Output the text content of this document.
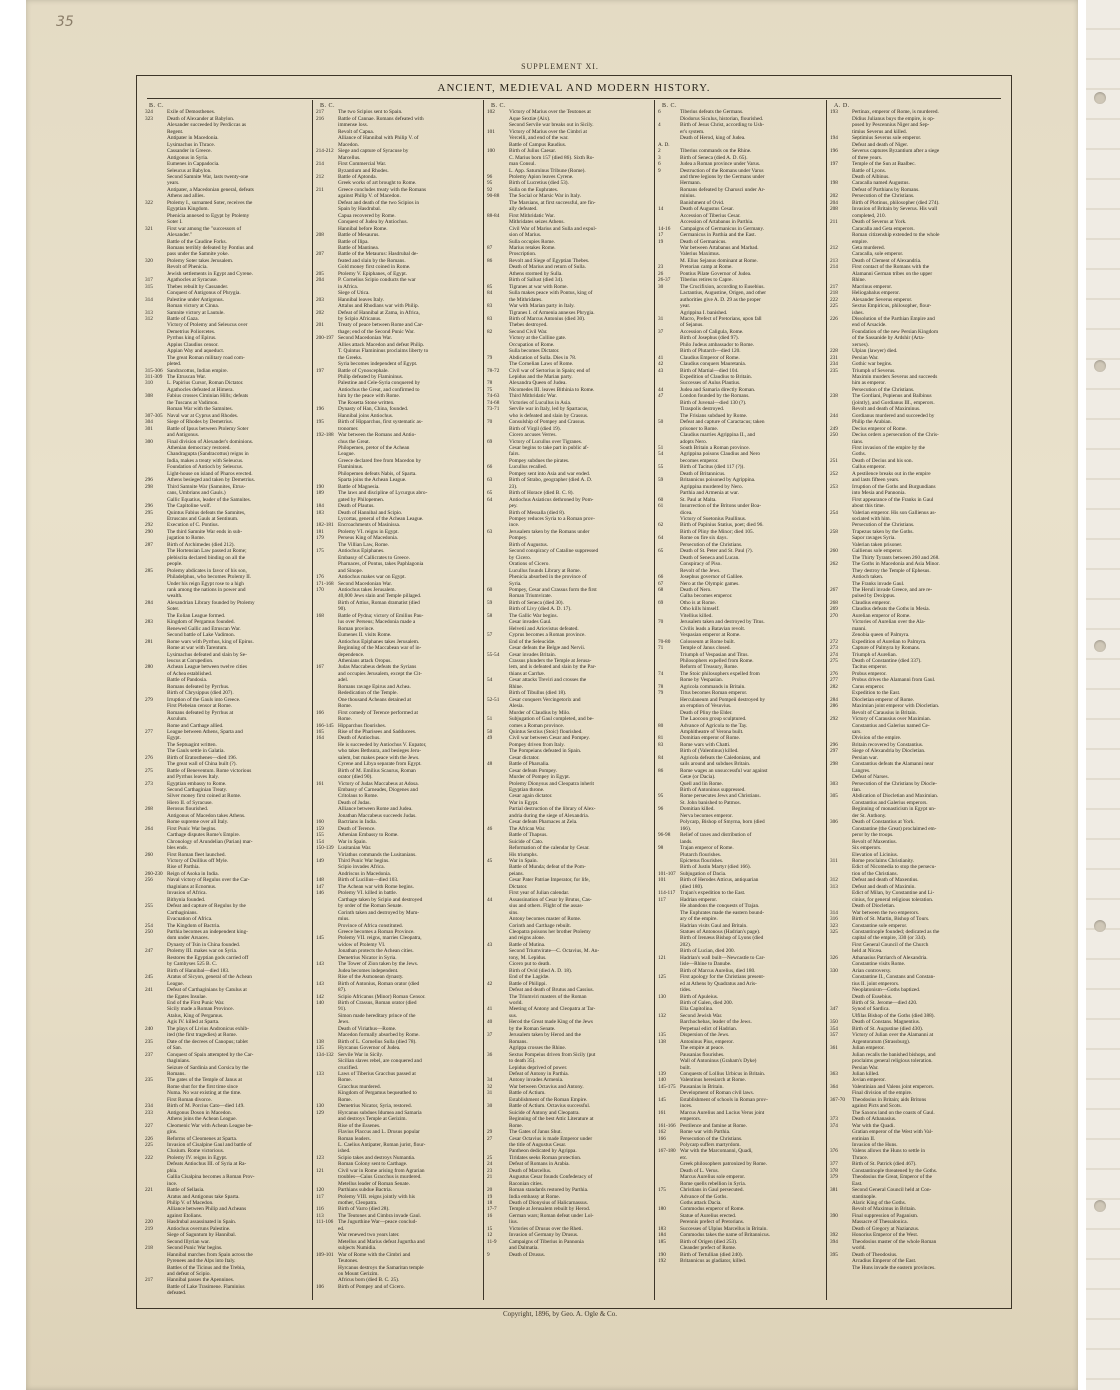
35
SUPPLEMENT XI.
ANCIENT, MEDIEVAL AND MODERN HISTORY.
B. C.
324	Exile of Demosthenes.
323	Death of Alexander at Babylon.
Alexander succeeded by Perdiccas as
Regent.
Antipater in Macedonia.
Lysimachus in Thrace.
Cassander in Greece.
Antigonus in Syria.
Eumenes in Cappadocia.
Seleucus at Babylon.
Second Samnite War, lasts twenty-one
years.
Antipater, a Macedonian general, defeats
Athens and allies.
322	Ptolemy I., surnamed Soter, receives the
Egyptian Kingdom.
Phenicia annexed to Egypt by Ptolemy
Soter I.
321	First war among the "successors of
Alexander."
Battle of the Caudine Forks.
Romans terribly defeated by Pontius and
pass under the Samnite yoke.
320	Ptolemy Soter takes Jerusalem.
Revolt of Phenicia.
Jewish settlements in Egypt and Cyrene.
317	Agathocles at Syracuse.
315	Thebes rebuilt by Cassander.
Conquest of Antigonus of Phrygia.
314	Palestine under Antigonus.
Roman victory at Cinna.
313	Samnite victory at Lautule.
312	Battle of Gaza.
Victory of Ptolemy and Seleucus over
Demetrius Poliorcetes.
Pyrrhus king of Epirus.
Appius Claudius censor.
Appian Way and aqueduct.
The great Roman military road com-
pleted.
315-306 Sandracottus, Indian empire.
311-309 The Etruscan War.
310	L. Papirius Cursor, Roman Dictator.
Agathocles defeated at Himera.
308	Fabius crosses Ciminian Hills; defeats
the Tuscans at Vadimon.
Roman War with the Samnites.
307-305 Naval war at Cyprus and Rhodes.
304	Siege of Rhodes by Demetrius.
301	Battle of Ipsus between Ptolemy Soter
and Antigonus.
300	Final division of Alexander's dominions.
Athenian democracy restored.
Chandragupta (Sandracottus) reigns in
India, makes a treaty with Seleucus.
Foundation of Antioch by Seleucus.
Light-house on island of Pharos erected.
296	Athens besieged and taken by Demetrius.
298	Third Samnite War (Samnites, Etrus-
cans, Umbrians and Gauls.)
Gallic Equatius, leader of the Samnites.
296	The Capitoline wolf.
295	Quintus Fabius defeats the Samnites,
Etruscans and Gauls at Sentinum.
292	Execution of C. Pontius.
290	The third Samnite War ends in sub-
jugation to Rome.
287	Birth of Archimedes (died 212).
The Hortensian Law passed at Rome;
plebiscita declared binding on all the
people.
285	Ptolemy abdicates in favor of his son,
Philadelphus, who becomes Ptolemy II.
Under his reign Egypt rose to a high
rank among the nations in power and
wealth.
284	Alexandrian Library founded by Ptolemy
Soter.
The Eolian League formed.
283	Kingdom of Pergamus founded.
Renewed Gallic and Etruscan War.
Second battle of Lake Vadimon.
281	Rome wars with Pyrrhus, king of Epirus.
Rome at war with Tarentum.
Lysimachus defeated and slain by Se-
leucus at Corupedion.
280	Achean League between twelve cities
of Achea established.
Battle of Pandosia.
Romans defeated by Pyrrhus.
Birth of Chrysippus (died 207).
279	Irruption of the Gauls into Greece.
First Plebeian censor at Rome.
Romans defeated by Pyrrhus at
Asculum.
Rome and Carthage allied.
277	League between Athens, Sparta and
Egypt.
The Septuagint written.
The Gauls settle in Galatia.
276	Birth of Eratosthenes—died 196.
The great wall of China built (?).
275	Battle of Beneventum. Rome victorious
and Pyrrhus leaves Italy.
273	Egyptian embassy to Rome.
Second Carthaginian Treaty.
Silver money first coined at Rome.
Hiero II. of Syracuse.
268	Berosus flourished.
Antigonus of Macedon takes Athens.
Rome supreme over all Italy.
264	First Punic War begins.
Carthage disputes Rome's Empire.
Chronology of Arundelian (Parian) mar-
bles ends.
260	First Roman fleet launched.
Victory of Duillius off Myle.
Rise of Parthia.
260-230 Reign of Asoka in India.
256	Naval victory of Regulus over the Car-
thaginians at Ecnomus.
Invasion of Africa.
Bithynia founded.
255	Defeat and capture of Regulus by the
Carthaginians.
Evacuation of Africa.
254	The Kingdom of Bactria.
250	Parthia becomes an independent king-
dom under Arsaces.
Dynasty of Tsin in China founded.
247	Ptolemy III. makes war on Syria.
Restores the Egyptian gods carried off
by Cambyses 525 B. C.
Birth of Hannibal—died 183.
245	Aratus of Sicyon, general of the Achean
League.
241	Defeat of Carthaginians by Catulus at
the Egates Insulae.
End of the First Punic War.
Sicily made a Roman Province.
Atalus, King of Pergamus.
Agis IV. killed at Sparta.
240	The plays of Livius Andronicus exhib-
ited (the first tragedies) at Rome.
235	Date of the decrees of Canopus; tablet
of San.
237	Conquest of Spain attempted by the Car-
thaginians.
Seizure of Sardinia and Corsica by the
Romans.
235	The gates of the Temple of Janus at
Rome shut for the first time since
Numa. No war existing at the time.
First Roman divorce.
234	Birth of M. Porcius Cato—died 149.
233	Antigonus Doson in Macedon.
Athens joins the Achean League.
227	Cleomenic War with Achean League be-
gins.
226	Reforms of Cleomenes at Sparta.
225	Invasion of Cisalpine Gaul and battle of
Clusium. Rome victorious.
222	Ptolemy IV. reigns in Egypt.
Defeats Antiochus III. of Syria at Ra-
phia.
Gallia Cisalpina becomes a Roman Prov-
ince.
221	Battle of Sellasia.
Aratus and Antigonus take Sparta.
Philip V. of Macedon.
Alliance between Philip and Acheans
against Etolians.
220	Hasdrubal assassinated in Spain.
219	Antiochus overruns Palestine.
Siege of Saguntum by Hannibal.
Second Illyrian war.
218	Second Punic War begins.
Hannibal marches from Spain across the
Pyrenees and the Alps into Italy.
Battles of the Ticinus and the Trebia,
and defeat of Scipio.
217	Hannibal passes the Apennines.
Battle of Lake Trasimene. Flaminius
defeated.
B. C.
217	The two Scipios sent to Spain.
216	Battle of Cannae. Romans defeated with
immense loss.
Revolt of Capua.
Alliance of Hannibal with Philip V. of
Macedon.
214-212 Siege and capture of Syracuse by
Marcellus.
214	First Commercial War.
Byzantium and Rhodes.
212	Battle of Aptonda.
Greek works of art brought to Rome.
211	Greece concludes treaty with the Romans
against Philip V. of Macedon.
Defeat and death of the two Scipios in
Spain by Hasdrubal.
Capua recovered by Rome.
Conquest of Judea by Antiochus.
Hannibal before Rome.
208	Battle of Mesaurus.
Battle of Ilipa.
Battle of Mantinea.
207	Battle of the Metaurus: Hasdrubal de-
feated and slain by the Romans.
Gold money first coined in Rome.
205	Ptolemy V. Epiphanes, of Egypt.
204	P. Cornelius Scipio conducts the war
in Africa.
Siege of Utica.
203	Hannibal leaves Italy.
Attalus and Rhodians war with Philip.
202	Defeat of Hannibal at Zama, in Africa,
by Scipio Africanus.
201	Treaty of peace between Rome and Car-
thage; end of the Second Punic War.
200-197 Second Macedonian War.
Allies attack Macedon and defeat Philip.
T. Quintus Flamininus proclaims liberty to
the Greeks.
Syria becomes independent of Egypt.
197	Battle of Cynoscephale.
Philip defeated by Flamininus.
Palestine and Cele-Syria conquered by
Antiochus the Great, and confirmed to
him by the peace with Rome.
The Rosetta Stone written.
196	Dynasty of Han, China, founded.
Hannibal joins Antiochus.
195	Birth of Hipparchus, first systematic as-
tronomer.
192-188 War between the Romans and Antio-
chus the Great.
Philopemen, pretor of the Achean
League.
Greece declared free from Macedon by
Flamininus.
Philopemen defeats Nabis, of Sparta.
Sparta joins the Achean League.
190	Battle of Magnesia.
189	The laws and discipline of Lycurgus abro-
gated by Philopemen.
184	Death of Plautus.
183	Death of Hannibal and Scipio.
Lycortas, general of the Achean League.
182-181 Encroachments of Masinissa.
181	Ptolemy VI. reigns in Egypt.
179	Perseus King of Macedonia.
The Villian Law, Rome.
175	Antiochus Epiphanes.
Embassy of Callicrates to Greece.
Pharnaces, of Pontus, takes Paphlagonia
and Sinope.
176	Antiochus makes war on Egypt.
171-168 Second Macedonian War.
170	Antiochus takes Jerusalem.
40,000 Jews slain and Temple pillaged.
Birth of Attius, Roman dramatist (died
90).
168	Battle of Pydna; victory of Emilius Pau-
lus over Perseus; Macedonia made a
Roman province.
Eumenes II. visits Rome.
Antiochus Epiphanes takes Jerusalem.
Beginning of the Maccabean war of in-
dependence.
Athenians attack Oropus.
167	Judas Maccabeus defeats the Syrians
and occupies Jerusalem, except the Cit-
adel.
Romans ravage Epirus and Achea.
Rededication of the Temple.
One thousand Acheans detained at
Rome.
166	First comedy of Terence performed at
Rome.
166-145 Hipparchus flourishes.
165	Rise of the Pharisees and Sadducees.
164	Death of Antiochus.
He is succeeded by Antiochus V. Eupator,
who takes Bethsura, and besieges Jeru-
salem, but makes peace with the Jews.
Cyrene and Libya separate from Egypt.
Birth of M. Emilius Scaurus, Roman
orator (died 90).
161	Victory of Judas Maccabeus at Adosa.
Embassy of Carneades, Diogenes and
Critolaus to Rome.
Death of Judas.
Alliance between Rome and Judea.
Jonathan Maccabeus succeeds Judas.
160	Bactrians in India.
159	Death of Terence.
155	Athenian Embassy to Rome.
154	War in Spain.
150-139 Lusitanian War.
Viriathus commands the Lusitanians.
149	Third Punic War begins.
Scipio invades Africa.
Andriscus in Macedonia.
148	Birth of Lucilius—died 103.
147	The Achean war with Rome begins.
146	Ptolemy VI. killed in battle.
Carthage taken by Scipio and destroyed
by order of the Roman Senate.
Corinth taken and destroyed by Mum-
mius.
Province of Africa constituted.
Greece becomes a Roman Province.
145	Ptolemy VII. reigns, marries Cleopatra,
widow of Ptolemy VI.
Jonathan protects the Achean cities.
Demetrius Nicator in Syria.
143	The Tower of Zion taken by the Jews.
Judea becomes independent.
Rise of the Asmonean dynasty.
143	Birth of Antonius, Roman orator (died
87).
142	Scipio Africanus (Minor) Roman Censor.
140	Birth of Crassus, Roman orator (died
91).
Simon made hereditary prince of the
Jews.
Death of Viriathus—Rome.
Macedon formally absorbed by Rome.
138	Birth of L. Cornelius Sulla (died 78).
135	Hyrcanus Governor of Judea.
134-132 Servile War in Sicily.
Sicilian slaves rebel, are conquered and
crucified.
133	Laws of Tiberius Gracchus passed at
Rome.
Gracchus murdered.
Kingdom of Pergamus bequeathed to
Rome.
130	Demetrius Nicator, Syria, restored.
129	Hyrcanus subdues Idumea and Samaria
and destroys Temple at Gerizim.
Rise of the Essenes.
Flavius Placcus and L. Drusus popular
Roman leaders.
L. Caelius Antipater, Roman jurist, flour-
ished.
123	Scipio takes and destroys Numantia.
Roman Colony sent to Carthage.
121	Civil war in Rome arising from Agrarian
troubles—Caius Gracchus is murdered.
Metellus leader of Roman Senate.
120	Parthians subdue Bactria.
117	Ptolemy VIII. reigns jointly with his
mother, Cleopatra.
116	Birth of Varro (died 28).
113	The Teutones and Cimbra invade Gaul.
111-106 The Jugurthine War—peace conclud-
ed.
War renewed two years later.
Metellus and Marius defeat Jugurtha and
subjects Numidia.
109-101 War of Rome with the Cimbri and
Teutones.
Hyrcanus destroys the Samaritan temple
on Mount Gerizim.
Africus born (died B. C. 25).
106	Birth of Pompey and of Cicero.
B. C.
102	Victory of Marius over the Teutones at
Aque Sextiæ (Aix).
Second Servile war breaks out in Sicily.
101	Victory of Marius over the Cimbri at
Vercelli, and end of the war.
Battle of Campus Raudius.
100	Birth of Julius Caesar.
C. Marius born 157 (died 86). Sixth Ro-
man Consul.
L. App. Saturninus Tribune (Rome).
96	Ptolemy Apion leaves Cyrene.
95	Birth of Lucretius (died 53).
92	Sulla on the Euphrates.
90-88	The Social or Marsic War in Italy.
The Marsians, at first successful, are fin-
ally defeated.
88-84	First Mithridatic War.
Mithridates seizes Athens.
Civil War of Marius and Sulla and expul-
sion of Marius.
Sulla occupies Rome.
87	Marius retakes Rome.
Proscription.
86	Revolt and Siege of Egyptian Thebes.
Death of Marius and return of Sulla.
Athens stormed by Sulla.
Birth of Sallust (died 34).
85	Tigranes at war with Rome.
84	Sulla makes peace with Pontus, king of
the Mithridates.
83	War with Marian party in Italy.
Tigranes I. of Armenia annexes Phrygia.
83	Birth of Marcus Antonius (died 30).
Thebes destroyed.
82	Second Civil War.
Victory at the Colline gate.
Occupation of Rome.
Sulla becomes Dictator.
79	Abdication of Sulla. Dies in 78.
The Cornelian Laws of Rome.
78-72	Civil war of Sertorius in Spain; end of
Lepidus and the Marian party.
78	Alexandra Queen of Judea.
75	Nicomedes III. leaves Bithinia to Rome.
74-63	Third Mithridatic War.
74-68	Victories of Lucullus in Asia.
73-71	Servile war in Italy, led by Spartacus,
who is defeated and slain by Crassus.
70	Consulship of Pompey and Crassus.
Birth of Virgil (died 19).
Cicero accuses Verres.
69	Victory of Lucullus over Tigranes.
Cesar begins to take part in public af-
fairs.
Pompey subdues the pirates.
66	Lucullus recalled.
Pompey sent into Asia and war ended.
63	Birth of Strabo, geographer (died A. D.
23).
65	Birth of Horace (died B. C. 8).
64	Antiochus Asiaticus dethroned by Pom-
pey.
Birth of Messalla (died 8).
Pompey reduces Syria to a Roman prov-
ince.
63	Jerusalem taken by the Romans under
Pompey.
Birth of Augustus.
Second conspiracy of Cataline suppressed
by Cicero.
Orations of Cicero.
Lucullus founds Library at Rome.
Phenicia absorbed in the province of
Syria.
60	Pompey, Cesar and Crassus form the first
Roman Triumvirate.
59	Birth of Seneca (died 30).
Birth of Livy (died A. D. 17).
58	The Gallic War begins.
Cesar invades Gaul.
Helvetii and Ariovistus defeated.
57	Cyprus becomes a Roman province.
End of the Seleucidæ.
Cesar defeats the Belgæ and Nervii.
55-54	Cesar invades Britain.
Crassus plunders the Temple at Jerusa-
lem, and is defeated and slain by the Par-
thians at Carrhæ.
54	Cesar attacks Treviri and crosses the
Rhine.
Birth of Tibullus (died 18).
52-51	Cesar conquers Vercingetorix and
Alesia.
Murder of Claudius by Milo.
51	Subjugation of Gaul completed, and be-
comes a Roman province.
50	Quintus Sextius (Stoic) flourished.
49	Civil war between Cesar and Pompey.
Pompey driven from Italy.
The Pompeians defeated in Spain.
Cesar dictator.
48	Battle of Pharsalia.
Cesar defeats Pompey.
Murder of Pompey in Egypt.
Ptolemy Dionysus and Cleopatra inherit
Egyptian throne.
Cesar again dictator.
War in Egypt.
Partial destruction of the library of Alex-
andria during the siege of Alexandria.
Cesar defeats Pharnaces at Zela.
46	The African War.
Battle of Thapsus.
Suicide of Cato.
Reformation of the calendar by Cesar.
His triumphs.
45	War in Spain.
Battle of Munda; defeat of the Pom-
peians.
Cesar Pater Patriae Imperator, for life,
Dictator.
First year of Julian calendar.
44	Assassination of Cesar by Brutus, Cas-
sius and others. Flight of the assas-
sins.
Antony becomes master of Rome.
Corinth and Carthage rebuilt.
Cleopatra poisons her brother Ptolemy
and reigns alone.
43	Battle of Mutina.
Second Triumvirate—C. Octavius, M. An-
tony, M. Lepidus.
Cicero put to death.
Birth of Ovid (died A. D. 18).
End of the Lagidæ.
42	Battle of Philippi.
Defeat and death of Brutus and Cassius.
The Triumviri masters of the Roman
world.
41	Meeting of Antony and Cleopatra at Tar-
sus.
40	Herod the Great made King of the Jews
by the Roman Senate.
37	Jerusalem taken by Herod and the
Romans.
Agrippa crosses the Rhine.
36	Sextus Pompeius driven from Sicily (put
to death 35).
Lepidus deprived of power.
Defeat of Antony in Parthia.
34	Antony invades Armenia.
32	War between Octavius and Antony.
31	Battle of Actium.
Establishment of the Roman Empire.
30	Battle of Actium. Octavius successful.
Suicide of Antony and Cleopatra.
Beginning of the best Attic Literature at
Rome.
29	The Gates of Janus Shut.
27	Cesar Octavius is made Emperor under
the title of Augustus Cesar.
Pantheon dedicated by Agrippa.
25	Tiridates seeks Roman protection.
24	Defeat of Romans in Arabia.
23	Death of Marcellus.
21	Augustus Cesar founds Confederacy of
Raconian cities.
20	Roman standards restored by Parthia.
19	India embassy at Rome.
18	Death of Dionysius of Halicarnassus.
17-7	Temple at Jerusalem rebuilt by Herod.
16	German wars; Roman defeat under Lol-
lius.
15	Victories of Drusus over the Rheti.
12	Invasion of Germany by Drusus.
11-9	Campaigns of Tiberius in Pannonia
and Dalmatia.
9	Death of Drusus.
B. C.
6	Tiberius defeats the Germans.
Diodorus Siculus, historian, flourished.
4	Birth of Jesus Christ, according to Ush-
er's system.
Death of Herod, king of Judea.
A. D.
2	Tiberius commands on the Rhine.
3	Birth of Seneca (died A. D. 65).
6	Judea a Roman province under Varus.
9	Destruction of the Romans under Varus
and three legions by the Germans under
Hermann.
Romans defeated by Charusci under Ar-
minius.
Banishment of Ovid.
14	Death of Augustus Cesar.
Accession of Tiberius Cesar.
Accession of Artabanus in Parthia.
14-16	Campaigns of Germanicus in Germany.
17	Germanicus in Parthia and the East.
19	Death of Germanicus.
War between Artabanus and Marbad.
Valerius Maximus.
M. Elius Sejanus dominant at Rome.
23	Pretorian camp at Rome.
26	Pontius Pilate Governor of Judea.
26-37	Tiberius retires to Capre.
30	The Crucifixion, according to Eusebius.
Lactantius, Augustine, Origen, and other
authorities give A. D. 29 as the proper
year.
Agrippina I. banished.
31	Macro, Prefect of Pretorians, upon fall
of Sejanus.
37	Accession of Caligula, Rome.
Birth of Josephus (died 97).
Philo Judeus ambassador to Rome.
Birth of Plutarch—died 120.
41	Claudius Emperor of Rome.
42	Claudius conquers Mauretania.
43	Birth of Martial—died 104.
Expedition of Claudius to Britain.
Successes of Aulus Plautius.
44	Judea and Samaria directly Roman.
47	London founded by the Romans.
Birth of Juvenal—died 130 (?).
Tiraspolis destroyed.
The Frisians subdued by Rome.
50	Defeat and capture of Caractacus; taken
prisoner to Rome.
Claudius marries Agrippina II., and
adopts Nero.
51	South Britain a Roman province.
54	Agrippina poisons Claudius and Nero
becomes emperor.
55	Birth of Tacitus (died 117 (?)).
Death of Britannicus.
59	Britannicus poisoned by Agrippina.
Agrippina murdered by Nero.
Parthia and Armenia at war.
60	St. Paul at Malta.
61	Insurrection of the Britons under Boa-
dicea.
Victory of Suetonius Paullinus.
62	Birth of Papinius Statius, poet; died 96.
Birth of Pliny the Minor; died 105.
64	Rome on fire six days.
Persecution of the Christians.
65	Death of St. Peter and St. Paul (?).
Death of Seneca and Lucan.
Conspiracy of Piso.
Revolt of the Jews.
66	Josephus governor of Galilee.
67	Nero at the Olympic games.
68	Death of Nero.
Galba becomes emperor.
69	Otho is at Rome.
Otho kills himself.
Vitellius killed.
70	Jerusalem taken and destroyed by Titus.
Civilis leads a Batavian revolt.
Vespasian emperor at Rome.
70-80	Colosseum at Rome built.
71	Temple of Janus closed.
Triumph of Vespasian and Titus.
Philosophers expelled from Rome.
Reform of Treasury, Rome.
74	The Stoic philosophers expelled from
Rome by Vespasian.
78	Agricola commands in Britain.
79	Titus becomes Roman emperor.
Herculaneum and Pompeii destroyed by
an eruption of Vesuvius.
Death of Pliny the Elder.
The Laocoon group sculptured.
80	Advance of Agricola to the Tay.
Amphitheatre of Verona built.
81	Domitian emperor of Rome.
83	Rome wars with Chatti.
Birth of (Valentinus) killed.
84	Agricola defeats the Caledonians, and
sails around and subdues Britain.
86	Rome wages an unsuccessful war against
Getæ (or Dacia).
Quell and lin Rome.
Birth of Antoninus suppressed.
95	Rome persecutes Jews and Christians.
St. John banished to Patmos.
96	Domitian killed.
Nerva becomes emperor.
Polycarp, Bishop of Smyrna, born (died
166).
96-98	Relief of taxes and distribution of
lands.
98	Trajan emperor of Rome.
Plutarch flourishes.
Epictetus flourishes.
Birth of Justin Martyr (died 166).
101-107 Subjugation of Dacia.
101	Birth of Herodes Atticus, antiquarian
(died 180).
114-117 Trajan's expedition to the East.
117	Hadrian emperor.
He abandons the conquests of Trajan.
The Euphrates made the eastern bound-
ary of the empire.
Hadrian visits Gaul and Britain.
Statues of Antonous (Hadrian's page).
Birth of Irenæus Bishop of Lyons (died
202).
Birth of Lucian, died 200.
121	Hadrian's wall built—Newcastle to Car-
lisle—Rhine to Danube.
Birth of Marcus Aurelius, died 180.
125	First apology for the Christians present-
ed at Athens by Quadratus and Aris-
tides.
130	Birth of Apuleius.
Birth of Galen, died 200.
Elia Capitolina.
132	Second Jewish War.
Barchochebas, leader of the Jews.
Perpetual edict of Hadrian.
135	Dispersion of the Jews.
138	Antoninus Pius, emperor.
The empire at peace.
Pausanias flourishes.
Wall of Antoninus (Graham's Dyke)
built.
139	Conquests of Lollius Urbicus in Britain.
140	Valentinus heresiarch at Rome.
145-175 Pausanias in Britain.
Development of Roman civil laws.
145	Establishment of schools in Roman prov-
inces.
161	Marcus Aurelius and Lucius Verus joint
emperors.
161-166 Pestilence and famine at Rome.
162	Rome war with Parthia.
166	Persecution of the Christians.
Polycarp suffers martyrdom.
167-180 War with the Marcomanni, Quadi,
etc.
Greek philosophers patronized by Rome.
Death of L. Verus.
Marcus Aurelius sole emperor.
Rome quells rebellion in Syria.
175	Christians in Gaul persecuted.
Advance of the Goths.
Goths attack Dacia.
180	Commodus emperor of Rome.
Statue of Aurelius erected.
Perennis prefect of Pretorians.
183	Successes of Ulpius Marcellus in Britain.
184	Commodus takes the name of Britannicus.
185	Birth of Origen (died 253).
Cleander prefect of Rome.
190	Birth of Tertullian (died 240).
192	Britannicus as gladiator, killed.
A. D.
193	Pertinax, emperor of Rome, is murdered.
Didius Julianus buys the empire, is op-
posed by Pescennius Niger and Sep-
timius Severus and killed.
194	Septimius Severus sole emperor.
Defeat and death of Niger.
196	Severus captures Byzantium after a siege
of three years.
197	Temple of the Sun at Baalbec.
Battle of Lyons.
Death of Albinus.
198	Caracalla named Augustus.
Defeat of Parthians by Romans.
202	Persecution of the Christians.
204	Birth of Plotinus, philosopher (died 274).
208	Invasion of Britain by Severus. His wall
completed, 210.
211	Death of Severus at York.
Caracalla and Geta emperors.
Roman citizenship extended to the whole
empire.
212	Geta murdered.
Caracalla, sole emperor.
213	Death of Clement of Alexandria.
214	First contact of the Romans with the
Alamanni German tribes on the upper
Rhine.
217	Macrinus emperor.
218	Heliogabalus emperor.
222	Alexander Severus emperor.
225	Sextus Empiricus, philosopher, flour-
ishes.
226	Dissolution of the Parthian Empire and
end of Arsacide.
Foundation of the new Persian Kingdom
of the Sassanide by Ardshir (Arta-
xerxes).
228	Ulpian (lawyer) died.
231	Persian War.
234	Gothic war begins.
235	Triumph of Severus.
Maximin murders Severus and succeeds
him as emperor.
Persecution of the Christians.
238	The Gordiani, Pupienus and Balbinus
(jointly), and Gordianus III., emperors.
Revolt and death of Maximinus.
244	Gordianus murdered and succeeded by
Philip the Arabian.
249	Decius emperor of Rome.
250	Decius orders a persecution of the Chris-
tians.
First invasion of the empire by the
Goths.
251	Death of Decius and his son.
Gallus emperor.
252	A pestilence breaks out in the empire
and lasts fifteen years.
253	Irruption of the Goths and Burgundians
into Mesia and Pannonia.
First appearance of the Franks in Gaul
about this time.
254	Valerian emperor. His son Gallienus as-
sociated with him.
Persecution of the Christians.
258	Trapezus taken by the Goths.
Sapor ravages Syria.
Valerian taken prisoner.
260	Gallienus sole emperor.
The Thirty Tyrants between 260 and 268.
262	The Goths in Macedonia and Asia Minor.
They destroy the Temple of Ephesus.
Antioch taken.
The Franks invade Gaul.
267	The Heruli invade Greece, and are re-
pulsed by Dexippus.
268	Claudius emperor.
269	Claudius defeats the Goths in Mesia.
270	Aurelian emperor of Rome.
Victories of Aurelian over the Ala-
manni.
Zenobia queen of Palmyra.
272	Expedition of Aurelian to Palmyra.
273	Capture of Palmyra by Romans.
274	Triumph of Aurelian.
275	Death of Constantine (died 337).
Tacitus emperor.
276	Probus emperor.
277	Probus drives the Alamanni from Gaul.
282	Carus emperor.
Expedition to the East.
284	Diocletian emperor of Rome.
286	Maximian joint emperor with Diocletian.
Revolt of Carausius in Britain.
292	Victory of Carausius over Maximian.
Constantius and Galerius named Ce-
sars.
Division of the empire.
296	Britain recovered by Constantius.
297	Siege of Alexandria by Diocletian.
Persian war.
298	Constantius defeats the Alamanni near
Langres.
Defeat of Narses.
303	Persecution of the Christians by Diocle-
tian.
305	Abdication of Diocletian and Maximian.
Constantius and Galerius emperors.
Beginning of monasticism in Egypt un-
der St. Anthony.
306	Death of Constantius at York.
Constantine (the Great) proclaimed em-
peror by the troops.
Revolt of Maxentius.
Six emperors.
Elevation of Licinius.
311	Rome proclaims Christianity.
Edict of Nicomedia to stop the persecu-
tion of the Christians.
312	Defeat and death of Maxentius.
313	Defeat and death of Maximin.
Edict of Milan, by Constantine and Li-
cinius, for general religious toleration.
Death of Diocletian.
314	War between the two emperors.
316	Birth of St. Martin, Bishop of Tours.
323	Constantine sole emperor.
325	Constantinople founded; dedicated as the
capital of the empire, 330 (or 334).
First General Council of the Church
held at Nicæa.
326	Athanasius Patriarch of Alexandria.
Constantine visits Rome.
330	Arian controversy.
Constantine II., Constans and Constan-
tius II. joint emperors.
Neoplatonism—Goths baptized.
Death of Eusebius.
Birth of St. Jerome—died 420.
347	Synod of Sardica.
Ulfilas Bishop of the Goths (died 388).
350	Death of Constans. Magnentius.
354	Birth of St. Augustine (died 430).
357	Victory of Julian over the Alamanni at
Argentoratum (Strassburg).
361	Julian emperor.
Julian recalls the banished bishops, and
proclaims general religious toleration.
Persian War.
363	Julian killed.
Jovian emperor.
364	Valentinian and Valens joint emperors.
Final division of the empire.
367-70	Theodosius in Britain; aids Britons
against Picts and Scots.
The Saxons land on the coasts of Gaul.
373	Death of Athanasius.
374	War with the Quadi.
Gratian emperor of the West with Val-
entinian II.
Invasion of the Huns.
376	Valens allows the Huns to settle in
Thrace.
377	Birth of St. Patrick (died 467).
378	Constantinople threatened by the Goths.
379	Theodosius the Great, Emperor of the
East.
381	Second General Council held at Con-
stantinople.
Alaric King of the Goths.
Revolt of Maximus in Britain.
390	Final suppression of Paganism.
Massacre of Thessalonica.
Death of Gregory at Nazianzus.
392	Honorius Emperor of the West.
394	Theodosius master of the whole Roman
world.
395	Death of Theodosius.
Arcadius Emperor of the East.
The Huns invade the eastern provinces.
Copyright, 1896, by Geo. A. Ogle & Co.
